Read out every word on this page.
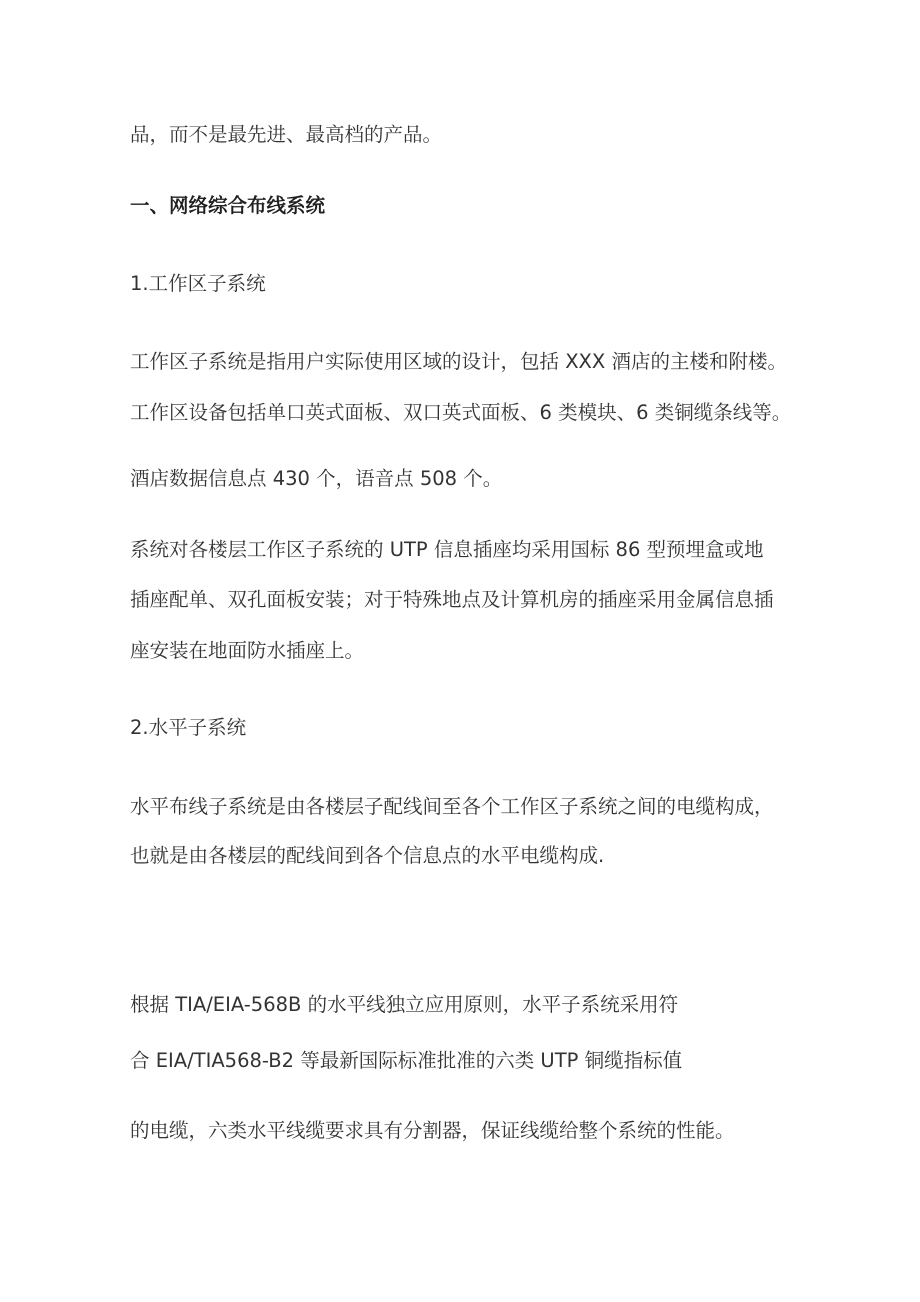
品，而不是最先进、最高档的产品。
一、网络综合布线系统
1.工作区子系统
工作区子系统是指用户实际使用区域的设计，包括 XXX 酒店的主楼和附楼。
工作区设备包括单口英式面板、双口英式面板、6 类模块、6 类铜缆条线等。
酒店数据信息点 430 个，语音点 508 个。
系统对各楼层工作区子系统的 UTP 信息插座均采用国标 86 型预埋盒或地
插座配单、双孔面板安装；对于特殊地点及计算机房的插座采用金属信息插
座安装在地面防水插座上。
2.水平子系统
水平布线子系统是由各楼层子配线间至各个工作区子系统之间的电缆构成，
也就是由各楼层的配线间到各个信息点的水平电缆构成.
根据 TIA/EIA-568B 的水平线独立应用原则，水平子系统采用符
合 EIA/TIA568-B2 等最新国际标准批准的六类 UTP 铜缆指标值
的电缆，六类水平线缆要求具有分割器，保证线缆给整个系统的性能。
